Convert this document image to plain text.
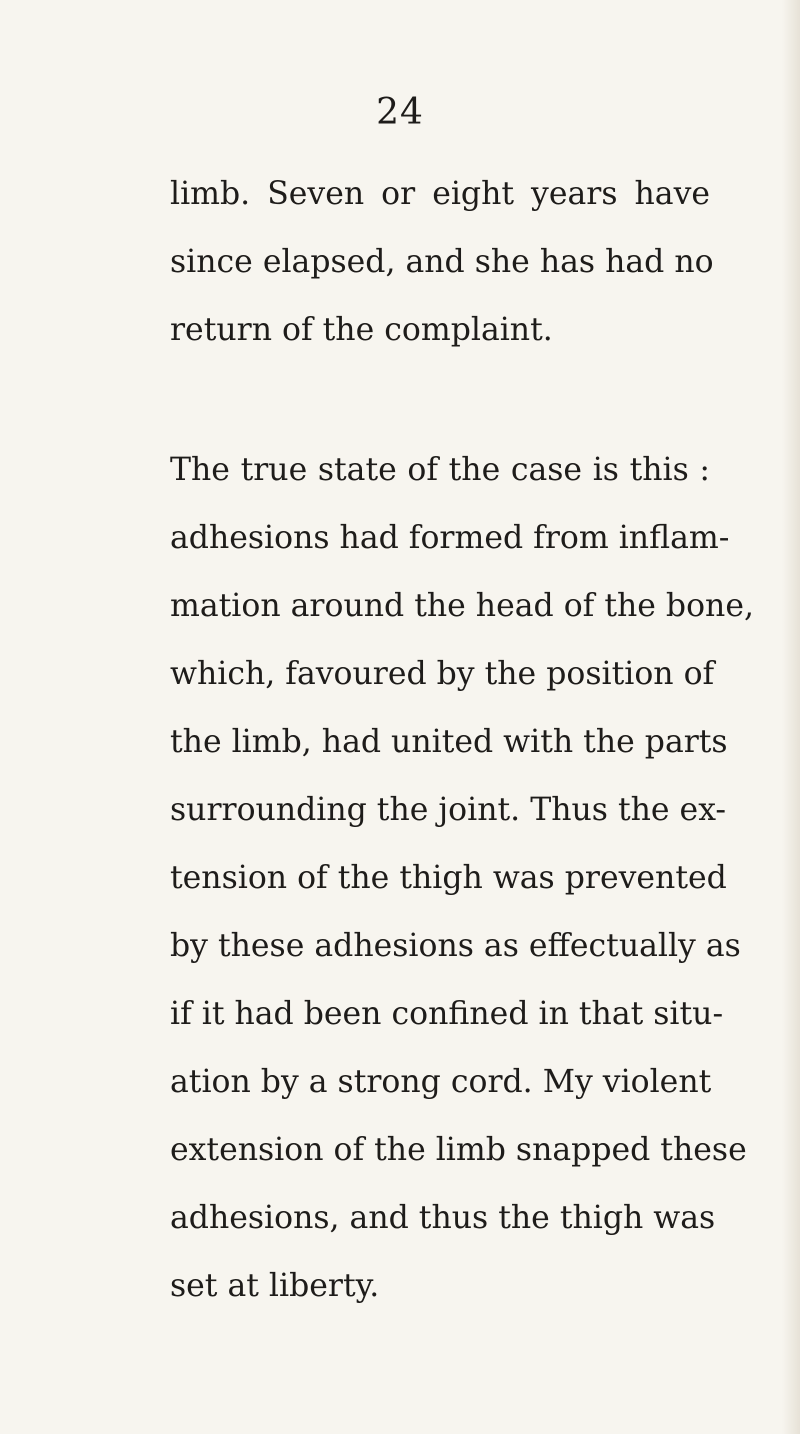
24
limb. Seven or eight years have
since elapsed, and she has had no
return of the complaint.
The true state of the case is this :
adhesions had formed from inflam-
mation around the head of the bone,
which, favoured by the position of
the limb, had united with the parts
surrounding the joint. Thus the ex-
tension of the thigh was prevented
by these adhesions as effectually as
if it had been confined in that situ-
ation by a strong cord. My violent
extension of the limb snapped these
adhesions, and thus the thigh was
set at liberty.
